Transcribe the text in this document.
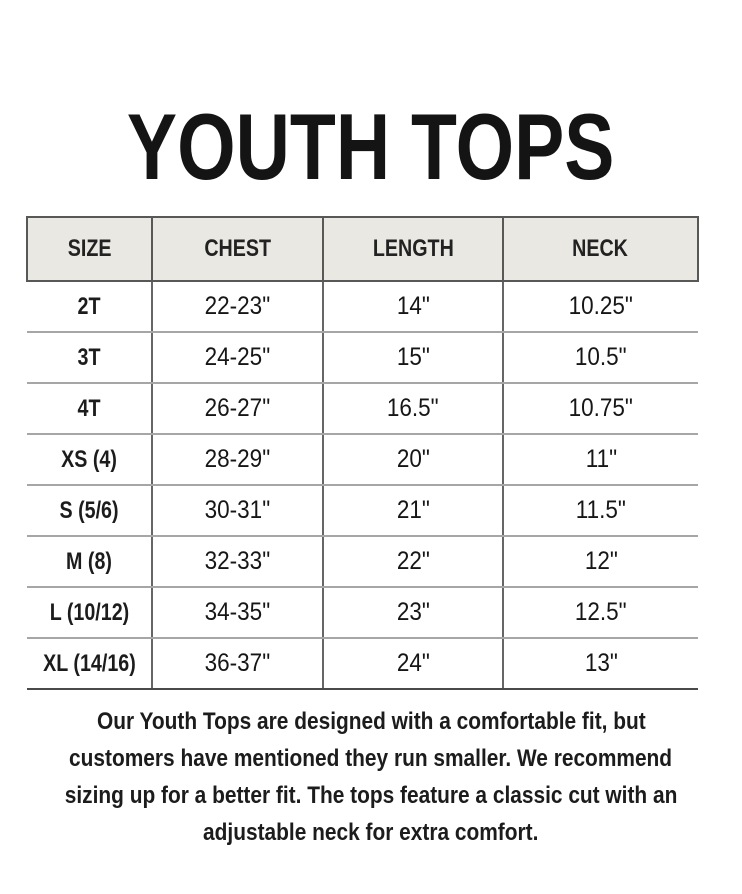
YOUTH TOPS
SIZE	CHEST	LENGTH	NECK
2T	22-23"	14"	10.25"
3T	24-25"	15"	10.5"
4T	26-27"	16.5"	10.75"
XS (4)	28-29"	20"	11"
S (5/6)	30-31"	21"	11.5"
M (8)	32-33"	22"	12"
L (10/12)	34-35"	23"	12.5"
XL (14/16)	36-37"	24"	13"

Our Youth Tops are designed with a comfortable fit, but
customers have mentioned they run smaller. We recommend
sizing up for a better fit. The tops feature a classic cut with an
adjustable neck for extra comfort.
